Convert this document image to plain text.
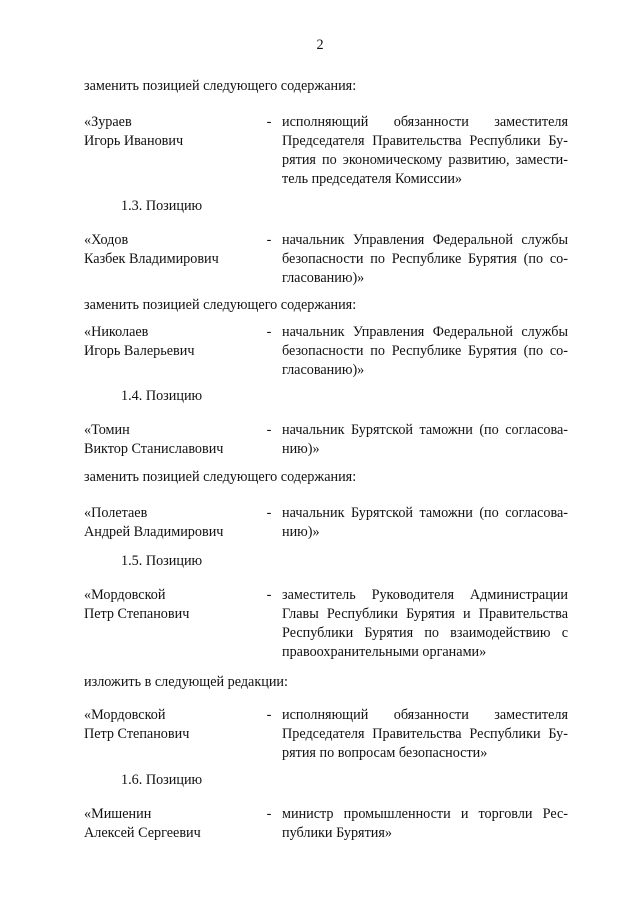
2
заменить позицией следующего содержания:
«Зураев
Игорь Иванович
- исполняющий обязанности заместителя
Председателя Правительства Республики Бу-
рятия по экономическому развитию, замести-
тель председателя Комиссии»
1.3. Позицию
«Ходов
Казбек Владимирович
- начальник Управления Федеральной службы
безопасности по Республике Бурятия (по со-
гласованию)»
заменить позицией следующего содержания:
«Николаев
Игорь Валерьевич
- начальник Управления Федеральной службы
безопасности по Республике Бурятия (по со-
гласованию)»
1.4. Позицию
«Томин
Виктор Станиславович
- начальник Бурятской таможни (по согласова-
нию)»
заменить позицией следующего содержания:
«Полетаев
Андрей Владимирович
- начальник Бурятской таможни (по согласова-
нию)»
1.5. Позицию
«Мордовской
Петр Степанович
- заместитель Руководителя Администрации
Главы Республики Бурятия и Правительства
Республики Бурятия по взаимодействию с
правоохранительными органами»
изложить в следующей редакции:
«Мордовской
Петр Степанович
- исполняющий обязанности заместителя
Председателя Правительства Республики Бу-
рятия по вопросам безопасности»
1.6. Позицию
«Мишенин
Алексей Сергеевич
- министр промышленности и торговли Рес-
публики Бурятия»
